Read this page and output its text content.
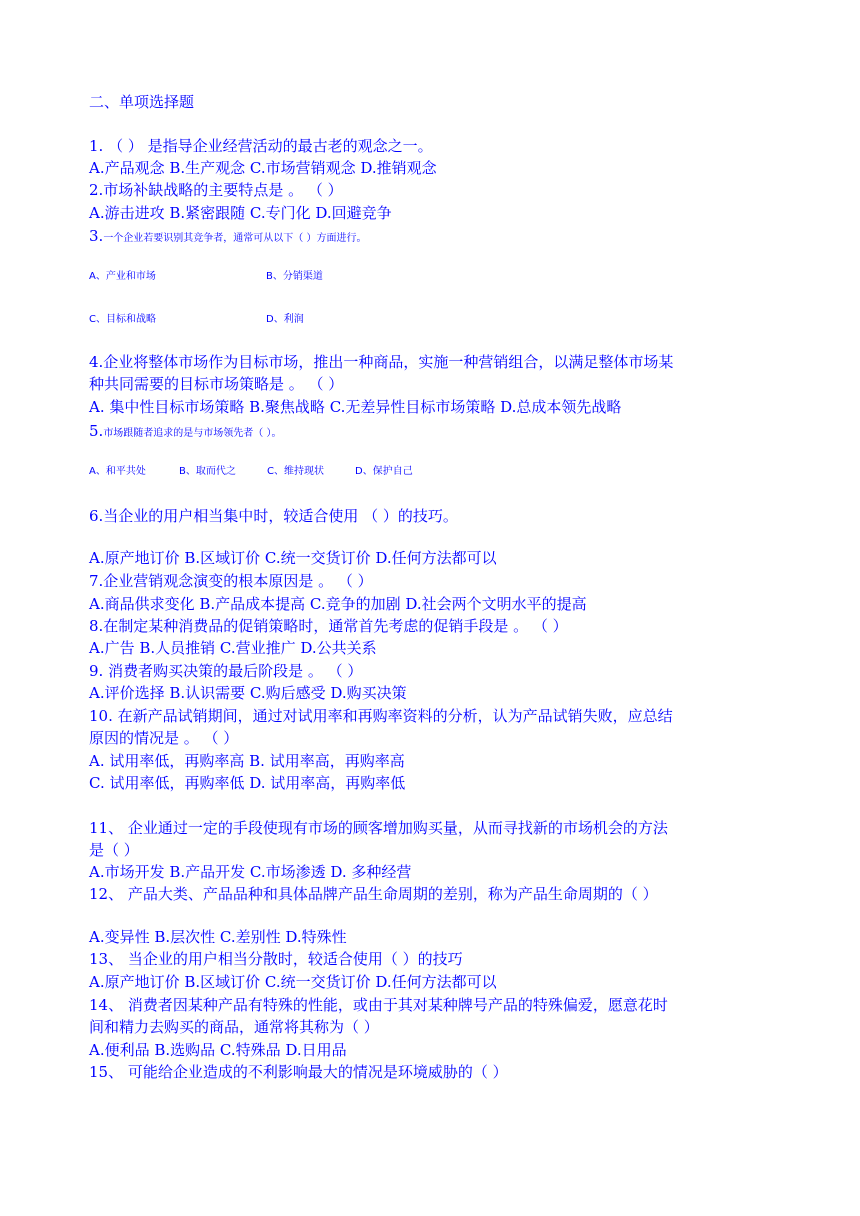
二、单项选择题
1. （ ） 是指导企业经营活动的最古老的观念之一。
A.产品观念 B.生产观念 C.市场营销观念 D.推销观念
2.市场补缺战略的主要特点是 。 （ ）
A.游击进攻 B.紧密跟随 C.专门化 D.回避竞争
3.一个企业若要识别其竞争者，通常可从以下（ ）方面进行。
A、产业和市场	B、分销渠道
C、目标和战略	D、利润
4.企业将整体市场作为目标市场，推出一种商品，实施一种营销组合，以满足整体市场某
种共同需要的目标市场策略是 。 （ ）
A. 集中性目标市场策略 B.聚焦战略 C.无差异性目标市场策略 D.总成本领先战略
5.市场跟随者追求的是与市场领先者（ ）。
A、和平共处	B、取而代之	C、维持现状	D、保护自己
6.当企业的用户相当集中时，较适合使用 （ ）的技巧。
A.原产地订价 B.区域订价 C.统一交货订价 D.任何方法都可以
7.企业营销观念演变的根本原因是 。 （ ）
A.商品供求变化 B.产品成本提高 C.竞争的加剧 D.社会两个文明水平的提高
8.在制定某种消费品的促销策略时，通常首先考虑的促销手段是 。 （ ）
A.广告 B.人员推销 C.营业推广 D.公共关系
9. 消费者购买决策的最后阶段是 。 （ ）
A.评价选择 B.认识需要 C.购后感受 D.购买决策
10. 在新产品试销期间，通过对试用率和再购率资料的分析，认为产品试销失败，应总结
原因的情况是 。 （ ）
A. 试用率低，再购率高 B. 试用率高，再购率高
C. 试用率低，再购率低 D. 试用率高，再购率低
11、 企业通过一定的手段使现有市场的顾客增加购买量，从而寻找新的市场机会的方法
是（ ）
A.市场开发 B.产品开发 C.市场渗透 D. 多种经营
12、 产品大类、产品品种和具体品牌产品生命周期的差别，称为产品生命周期的（ ）
A.变异性 B.层次性 C.差别性 D.特殊性
13、 当企业的用户相当分散时，较适合使用（ ）的技巧
A.原产地订价 B.区域订价 C.统一交货订价 D.任何方法都可以
14、 消费者因某种产品有特殊的性能，或由于其对某种牌号产品的特殊偏爱，愿意花时
间和精力去购买的商品，通常将其称为（ ）
A.便利品 B.选购品 C.特殊品 D.日用品
15、 可能给企业造成的不利影响最大的情况是环境威胁的（ ）
